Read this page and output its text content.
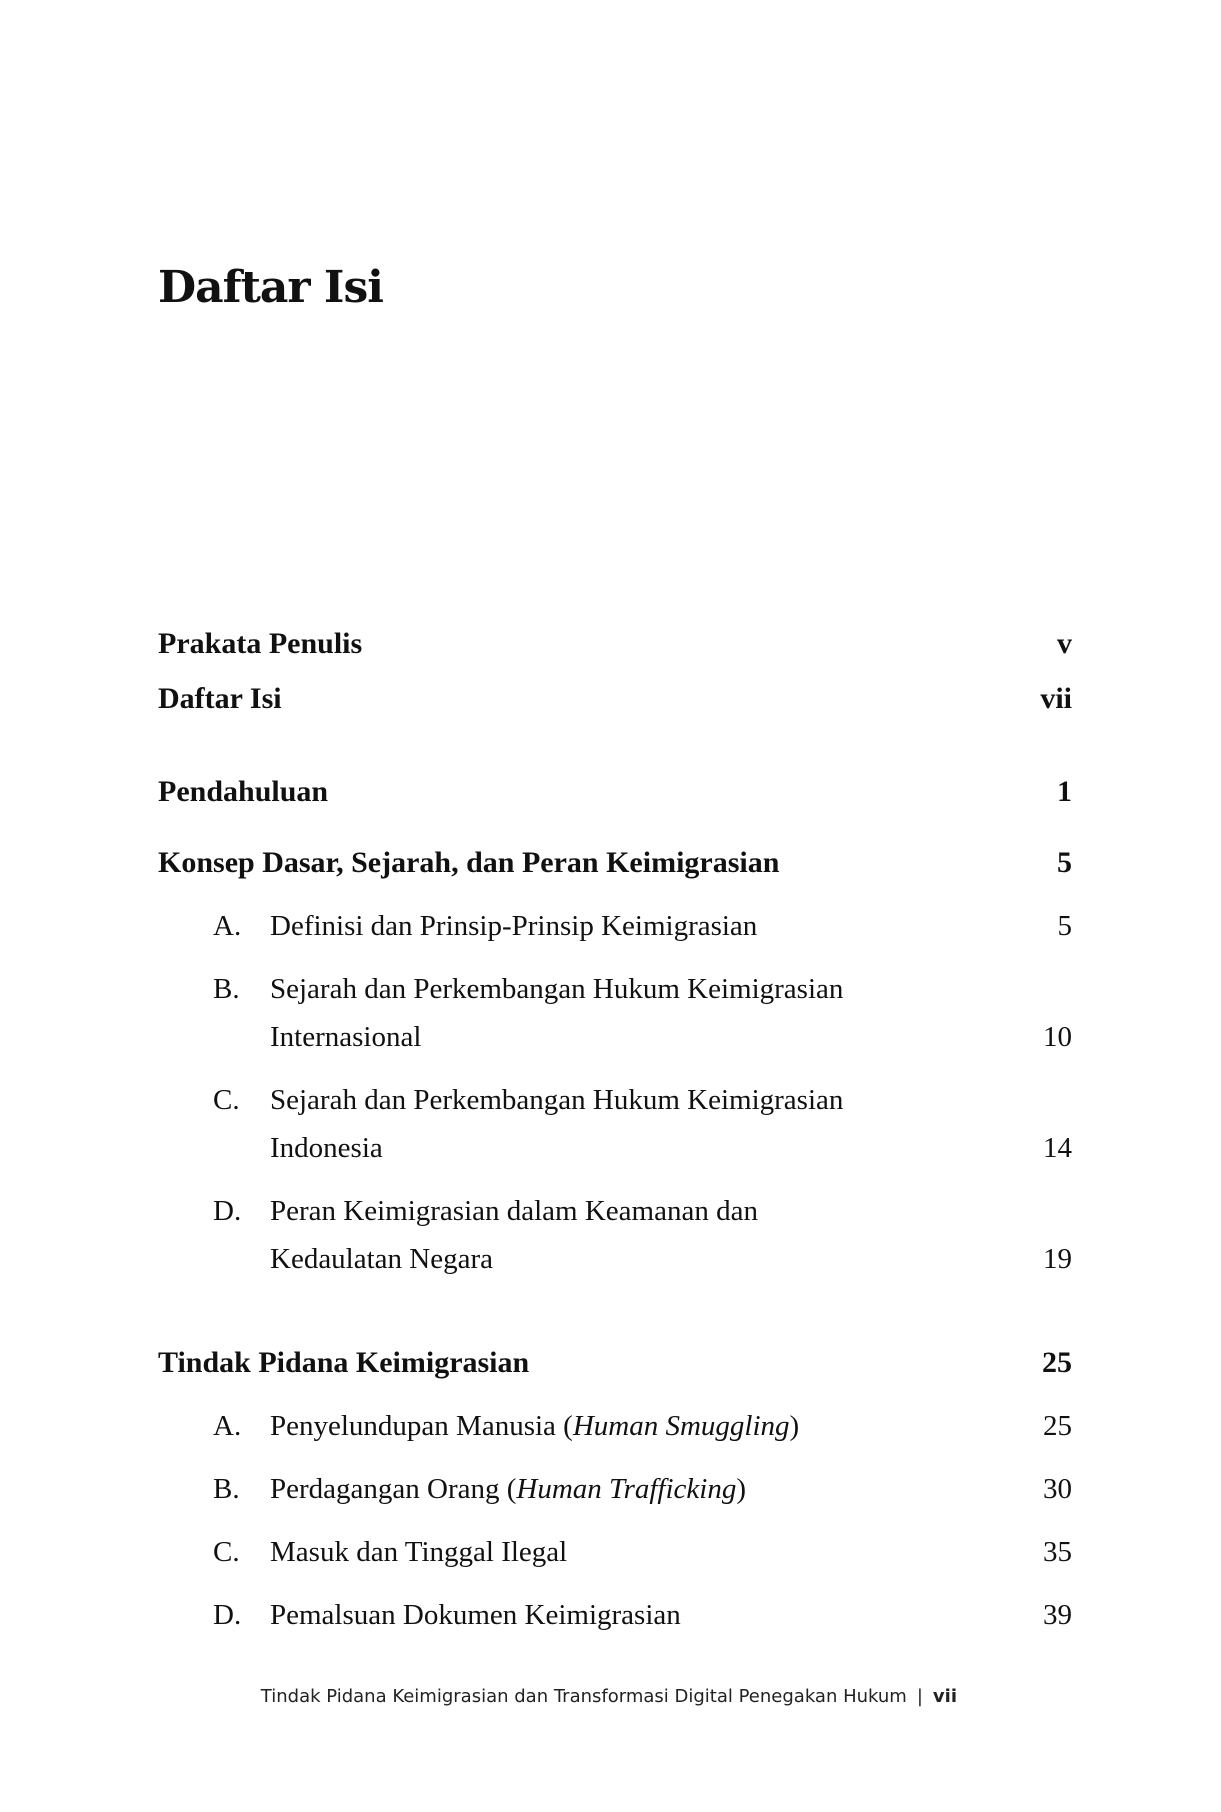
Daftar Isi
Prakata Penulis	v
Daftar Isi	vii
Pendahuluan	1
Konsep Dasar, Sejarah, dan Peran Keimigrasian	5
A. Definisi dan Prinsip-Prinsip Keimigrasian	5
B. Sejarah dan Perkembangan Hukum Keimigrasian
Internasional	10
C. Sejarah dan Perkembangan Hukum Keimigrasian
Indonesia	14
D. Peran Keimigrasian dalam Keamanan dan
Kedaulatan Negara	19
Tindak Pidana Keimigrasian	25
A. Penyelundupan Manusia (Human Smuggling)	25
B. Perdagangan Orang (Human Trafficking)	30
C. Masuk dan Tinggal Ilegal	35
D. Pemalsuan Dokumen Keimigrasian	39
Tindak Pidana Keimigrasian dan Transformasi Digital Penegakan Hukum | vii
